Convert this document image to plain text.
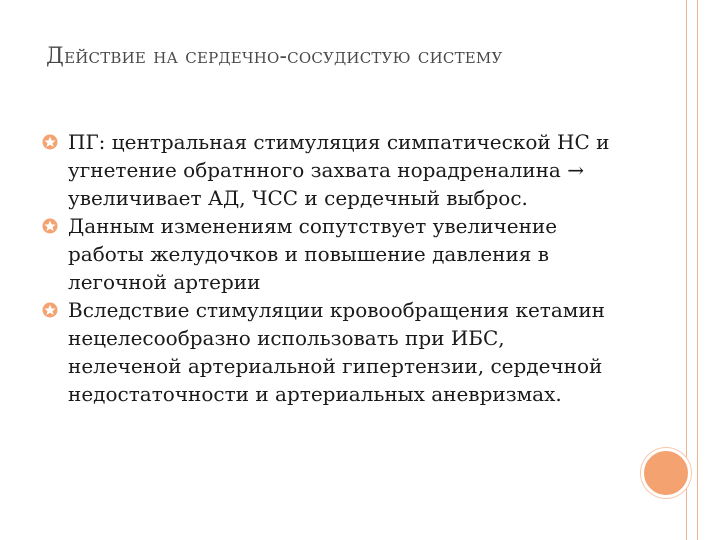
Действие на сердечно-сосудистую систему
ПГ: центральная стимуляция симпатической НС и угнетение обратнного захвата норадреналина → увеличивает АД, ЧСС и сердечный выброс.
Данным изменениям сопутствует увеличение работы желудочков и повышение давления в легочной артерии
Вследствие стимуляции кровообращения кетамин нецелесообразно использовать при ИБС, нелеченой артериальной гипертензии, сердечной недостаточности и артериальных аневризмах.
